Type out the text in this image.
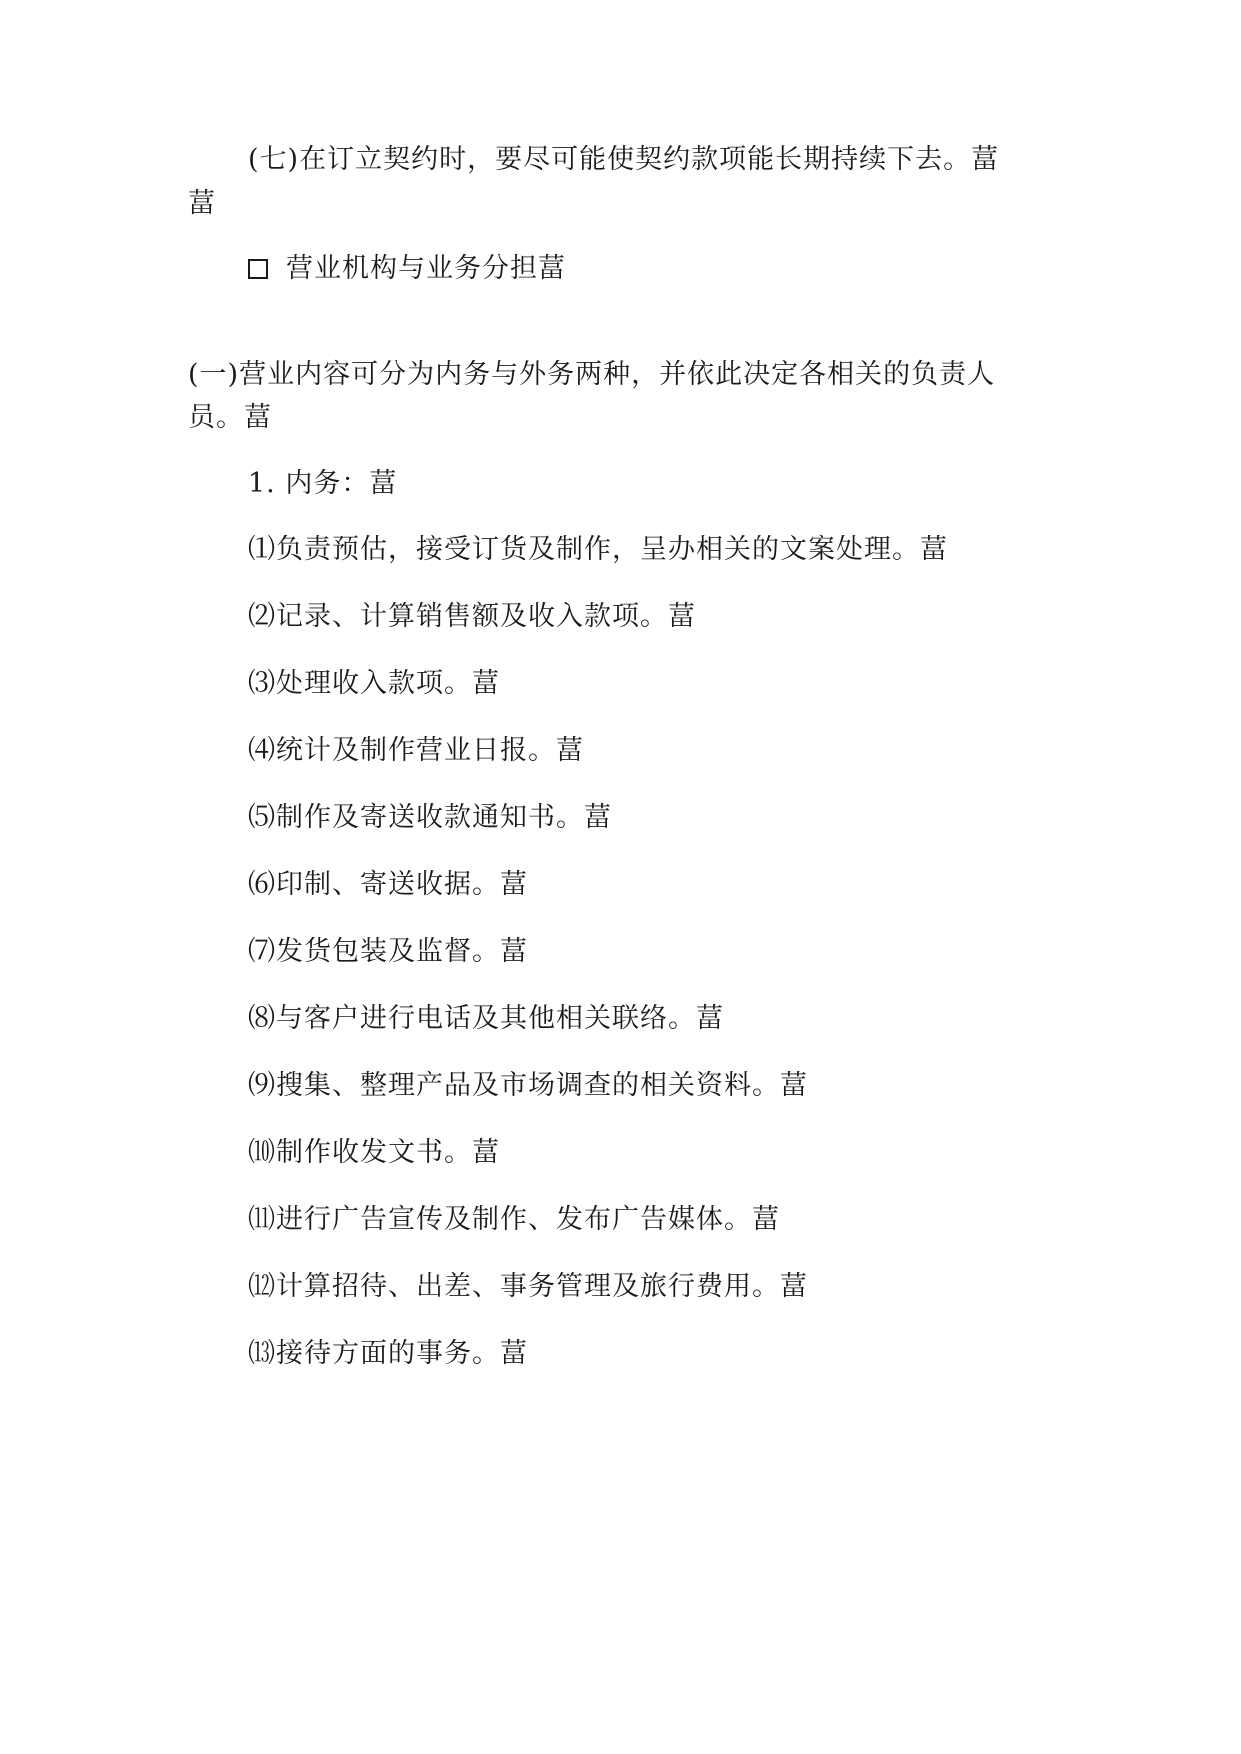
(七)在订立契约时，要尽可能使契约款项能长期持续下去。葍
葍
营业机构与业务分担葍
(一)营业内容可分为内务与外务两种，并依此决定各相关的负责人
员。葍
1. 内务：葍
⑴负责预估，接受订货及制作，呈办相关的文案处理。葍
⑵记录、计算销售额及收入款项。葍
⑶处理收入款项。葍
⑷统计及制作营业日报。葍
⑸制作及寄送收款通知书。葍
⑹印制、寄送收据。葍
⑺发货包装及监督。葍
⑻与客户进行电话及其他相关联络。葍
⑼搜集、整理产品及市场调查的相关资料。葍
⑽制作收发文书。葍
⑾进行广告宣传及制作、发布广告媒体。葍
⑿计算招待、出差、事务管理及旅行费用。葍
⒀接待方面的事务。葍
